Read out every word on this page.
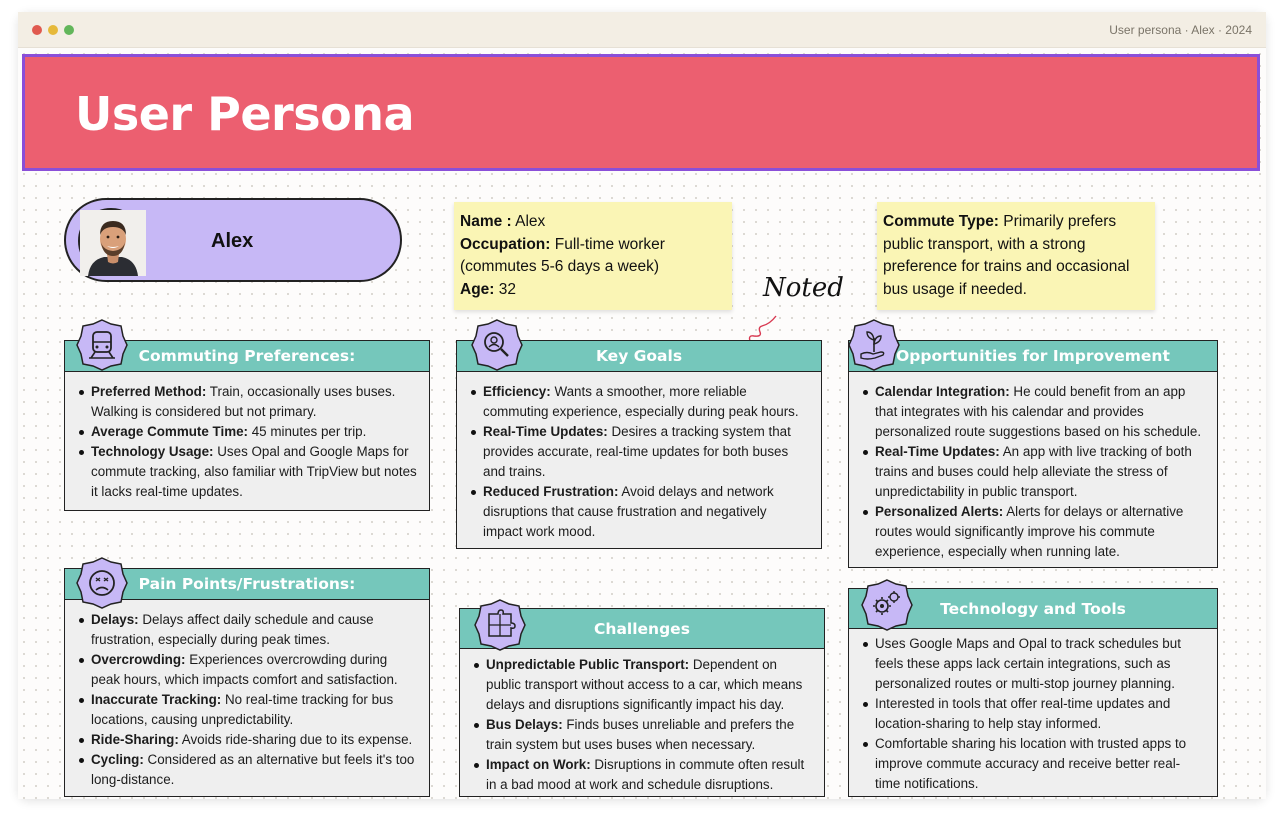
User persona · Alex · 2024
User Persona
Alex
Name : Alex
Occupation: Full-time worker
(commutes 5-6 days a week)
Age: 32
Commute Type: Primarily prefers
public transport, with a strong
preference for trains and occasional
bus usage if needed.
Noted
Commuting Preferences:
Preferred Method: Train, occasionally uses buses. Walking is considered but not primary.
Average Commute Time: 45 minutes per trip.
Technology Usage: Uses Opal and Google Maps for commute tracking, also familiar with TripView but notes it lacks real-time updates.
Key Goals
Efficiency: Wants a smoother, more reliable commuting experience, especially during peak hours.
Real-Time Updates: Desires a tracking system that provides accurate, real-time updates for both buses and trains.
Reduced Frustration: Avoid delays and network disruptions that cause frustration and negatively impact work mood.
Opportunities for Improvement
Calendar Integration: He could benefit from an app that integrates with his calendar and provides personalized route suggestions based on his schedule.
Real-Time Updates: An app with live tracking of both trains and buses could help alleviate the stress of unpredictability in public transport.
Personalized Alerts: Alerts for delays or alternative routes would significantly improve his commute experience, especially when running late.
Pain Points/Frustrations:
Delays: Delays affect daily schedule and cause frustration, especially during peak times.
Overcrowding: Experiences overcrowding during peak hours, which impacts comfort and satisfaction.
Inaccurate Tracking: No real-time tracking for bus locations, causing unpredictability.
Ride-Sharing: Avoids ride-sharing due to its expense.
Cycling: Considered as an alternative but feels it's too long-distance.
Challenges
Unpredictable Public Transport: Dependent on public transport without access to a car, which means delays and disruptions significantly impact his day.
Bus Delays: Finds buses unreliable and prefers the train system but uses buses when necessary.
Impact on Work: Disruptions in commute often result in a bad mood at work and schedule disruptions.
Technology and Tools
Uses Google Maps and Opal to track schedules but feels these apps lack certain integrations, such as personalized routes or multi-stop journey planning.
Interested in tools that offer real-time updates and location-sharing to help stay informed.
Comfortable sharing his location with trusted apps to improve commute accuracy and receive better real-time notifications.
